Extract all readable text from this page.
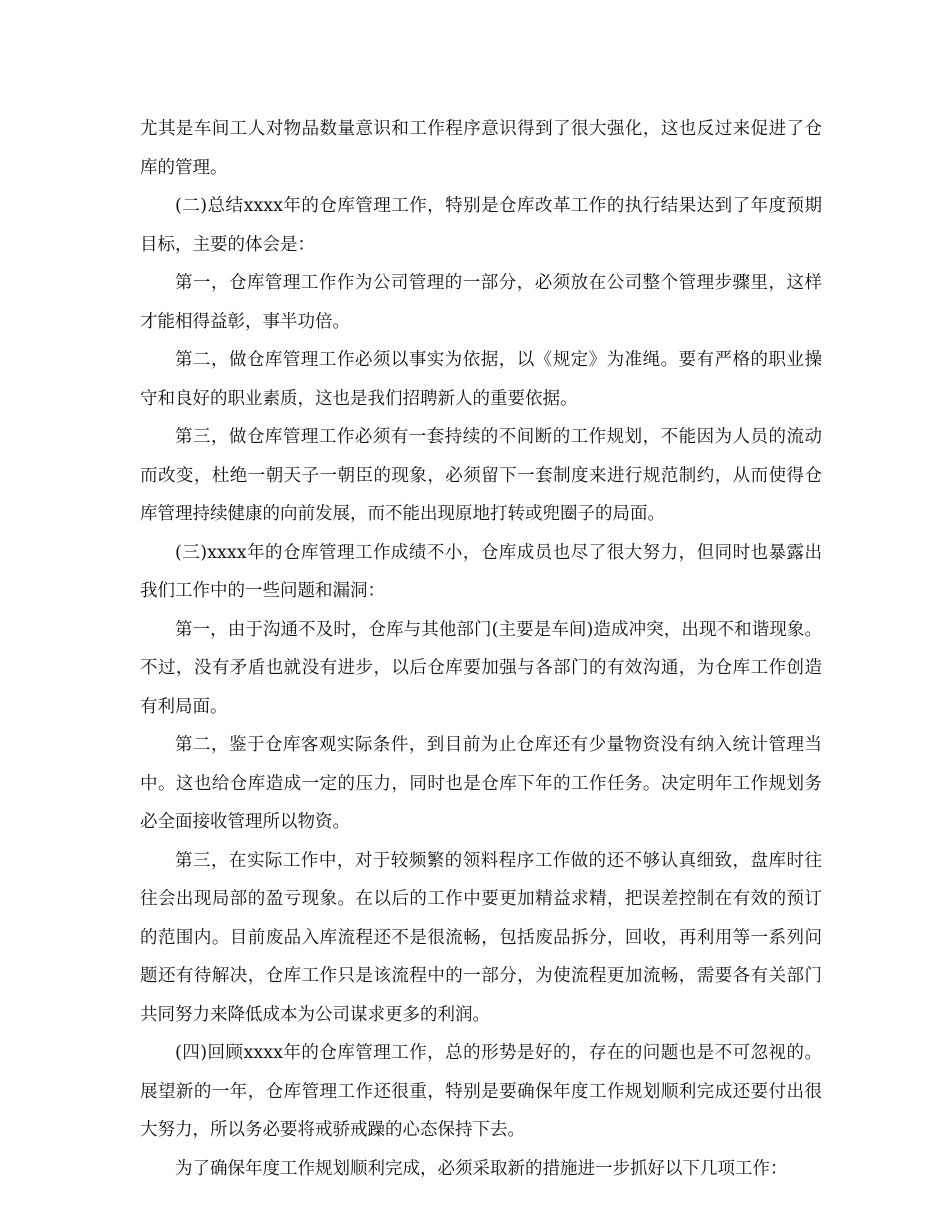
尤其是车间工人对物品数量意识和工作程序意识得到了很大强化，这也反过来促进了仓库的管理。

(二)总结xxxx年的仓库管理工作，特别是仓库改革工作的执行结果达到了年度预期目标，主要的体会是：

第一，仓库管理工作作为公司管理的一部分，必须放在公司整个管理步骤里，这样才能相得益彰，事半功倍。

第二，做仓库管理工作必须以事实为依据，以《规定》为准绳。要有严格的职业操守和良好的职业素质，这也是我们招聘新人的重要依据。

第三，做仓库管理工作必须有一套持续的不间断的工作规划，不能因为人员的流动而改变，杜绝一朝天子一朝臣的现象，必须留下一套制度来进行规范制约，从而使得仓库管理持续健康的向前发展，而不能出现原地打转或兜圈子的局面。

(三)xxxx年的仓库管理工作成绩不小，仓库成员也尽了很大努力，但同时也暴露出我们工作中的一些问题和漏洞：

第一，由于沟通不及时，仓库与其他部门(主要是车间)造成冲突，出现不和谐现象。不过，没有矛盾也就没有进步，以后仓库要加强与各部门的有效沟通，为仓库工作创造有利局面。

第二，鉴于仓库客观实际条件，到目前为止仓库还有少量物资没有纳入统计管理当中。这也给仓库造成一定的压力，同时也是仓库下年的工作任务。决定明年工作规划务必全面接收管理所以物资。

第三，在实际工作中，对于较频繁的领料程序工作做的还不够认真细致，盘库时往往会出现局部的盈亏现象。在以后的工作中要更加精益求精，把误差控制在有效的预订的范围内。目前废品入库流程还不是很流畅，包括废品拆分，回收，再利用等一系列问题还有待解决，仓库工作只是该流程中的一部分，为使流程更加流畅，需要各有关部门共同努力来降低成本为公司谋求更多的利润。

(四)回顾xxxx年的仓库管理工作，总的形势是好的，存在的问题也是不可忽视的。展望新的一年，仓库管理工作还很重，特别是要确保年度工作规划顺利完成还要付出很大努力，所以务必要将戒骄戒躁的心态保持下去。

为了确保年度工作规划顺利完成，必须采取新的措施进一步抓好以下几项工作：
